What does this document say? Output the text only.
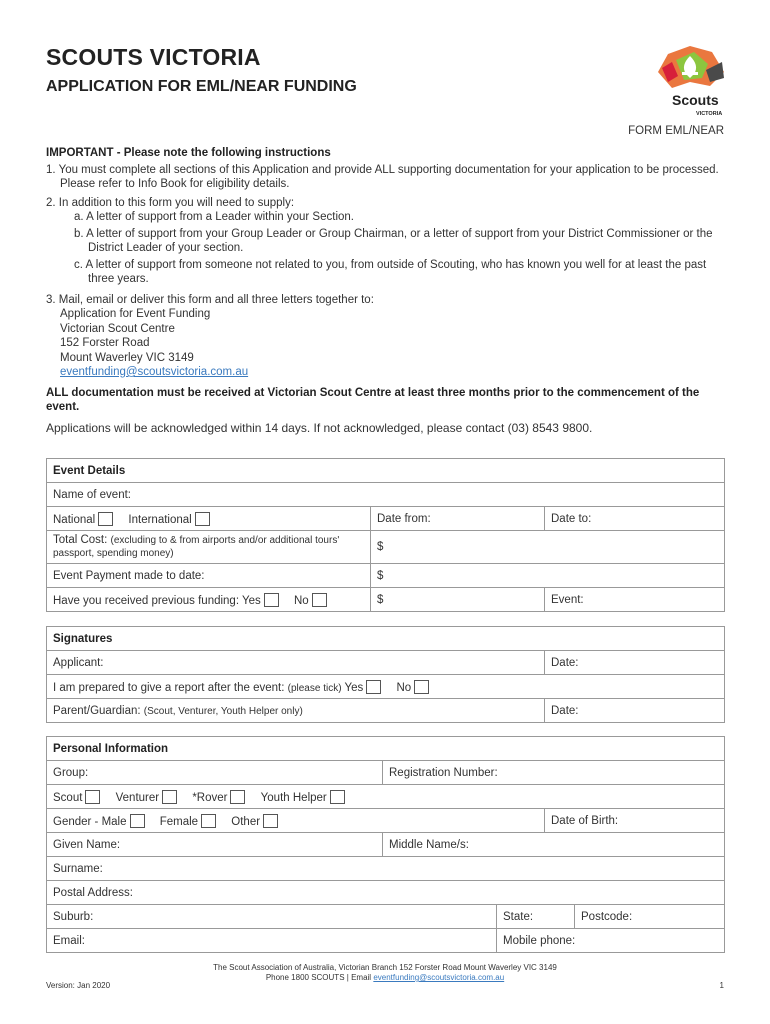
SCOUTS VICTORIA
APPLICATION FOR EML/NEAR FUNDING
Scouts
VICTORIA
FORM EML/NEAR
IMPORTANT - Please note the following instructions
1. You must complete all sections of this Application and provide ALL supporting documentation for your application to be processed. Please refer to Info Book for eligibility details.
2. In addition to this form you will need to supply:
a. A letter of support from a Leader within your Section.
b. A letter of support from your Group Leader or Group Chairman, or a letter of support from your District Commissioner or the District Leader of your section.
c. A letter of support from someone not related to you, from outside of Scouting, who has known you well for at least the past three years.
3. Mail, email or deliver this form and all three letters together to:
Application for Event Funding
Victorian Scout Centre
152 Forster Road
Mount Waverley VIC 3149
eventfunding@scoutsvictoria.com.au
ALL documentation must be received at Victorian Scout Centre at least three months prior to the commencement of the event.
Applications will be acknowledged within 14 days. If not acknowledged, please contact (03) 8543 9800.
Event Details		
Name of event:		
National International	Date from:	Date to:
Total Cost: (excluding to & from airports and/or additional tours' passport, spending money)	$	
Event Payment made to date:	$	
Have you received previous funding: Yes No	$	Event:
Signatures	
Applicant:	Date:
I am prepared to give a report after the event: (please tick) Yes No	
Parent/Guardian: (Scout, Venturer, Youth Helper only)	Date:
Personal Information				
Group:	Registration Number:			
Scout Venturer *Rover Youth Helper				
Gender - Male Female Other			Date of Birth:	
Given Name:	Middle Name/s:			
Surname:				
Postal Address:				
Suburb:		State:		Postcode:
Email:		Mobile phone:		
The Scout Association of Australia, Victorian Branch 152 Forster Road Mount Waverley VIC 3149
Phone 1800 SCOUTS | Email eventfunding@scoutsvictoria.com.au
Version: Jan 2020	1
